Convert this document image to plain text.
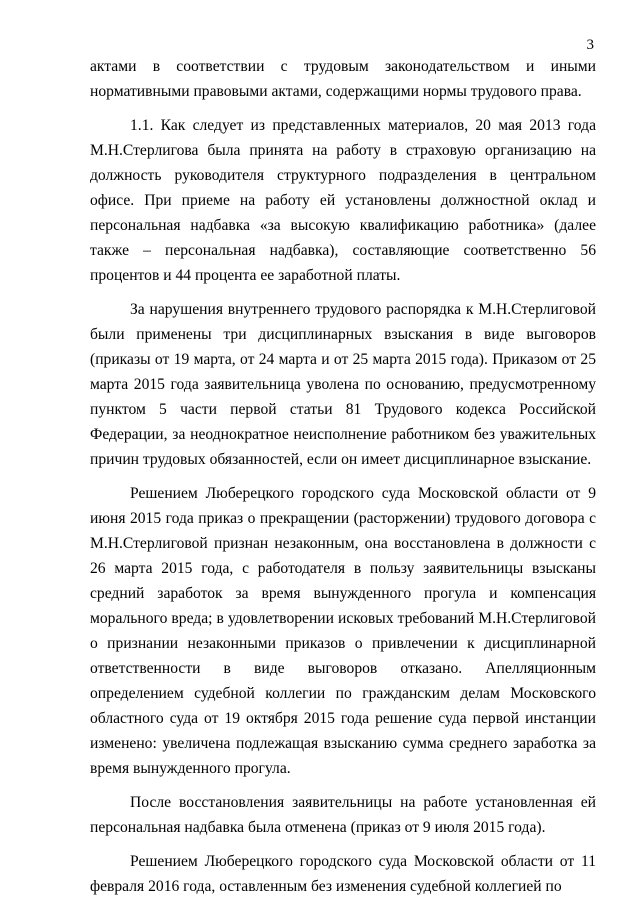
3

актами в соответствии с трудовым законодательством и иными нормативными правовыми актами, содержащими нормы трудового права.

1.1. Как следует из представленных материалов, 20 мая 2013 года М.Н.Стерлигова была принята на работу в страховую организацию на должность руководителя структурного подразделения в центральном офисе. При приеме на работу ей установлены должностной оклад и персональная надбавка «за высокую квалификацию работника» (далее также – персональная надбавка), составляющие соответственно 56 процентов и 44 процента ее заработной платы.

За нарушения внутреннего трудового распорядка к М.Н.Стерлиговой были применены три дисциплинарных взыскания в виде выговоров (приказы от 19 марта, от 24 марта и от 25 марта 2015 года). Приказом от 25 марта 2015 года заявительница уволена по основанию, предусмотренному пунктом 5 части первой статьи 81 Трудового кодекса Российской Федерации, за неоднократное неисполнение работником без уважительных причин трудовых обязанностей, если он имеет дисциплинарное взыскание.

Решением Люберецкого городского суда Московской области от 9 июня 2015 года приказ о прекращении (расторжении) трудового договора с М.Н.Стерлиговой признан незаконным, она восстановлена в должности с 26 марта 2015 года, с работодателя в пользу заявительницы взысканы средний заработок за время вынужденного прогула и компенсация морального вреда; в удовлетворении исковых требований М.Н.Стерлиговой о признании незаконными приказов о привлечении к дисциплинарной ответственности в виде выговоров отказано. Апелляционным определением судебной коллегии по гражданским делам Московского областного суда от 19 октября 2015 года решение суда первой инстанции изменено: увеличена подлежащая взысканию сумма среднего заработка за время вынужденного прогула.

После восстановления заявительницы на работе установленная ей персональная надбавка была отменена (приказ от 9 июля 2015 года).

Решением Люберецкого городского суда Московской области от 11 февраля 2016 года, оставленным без изменения судебной коллегией по
